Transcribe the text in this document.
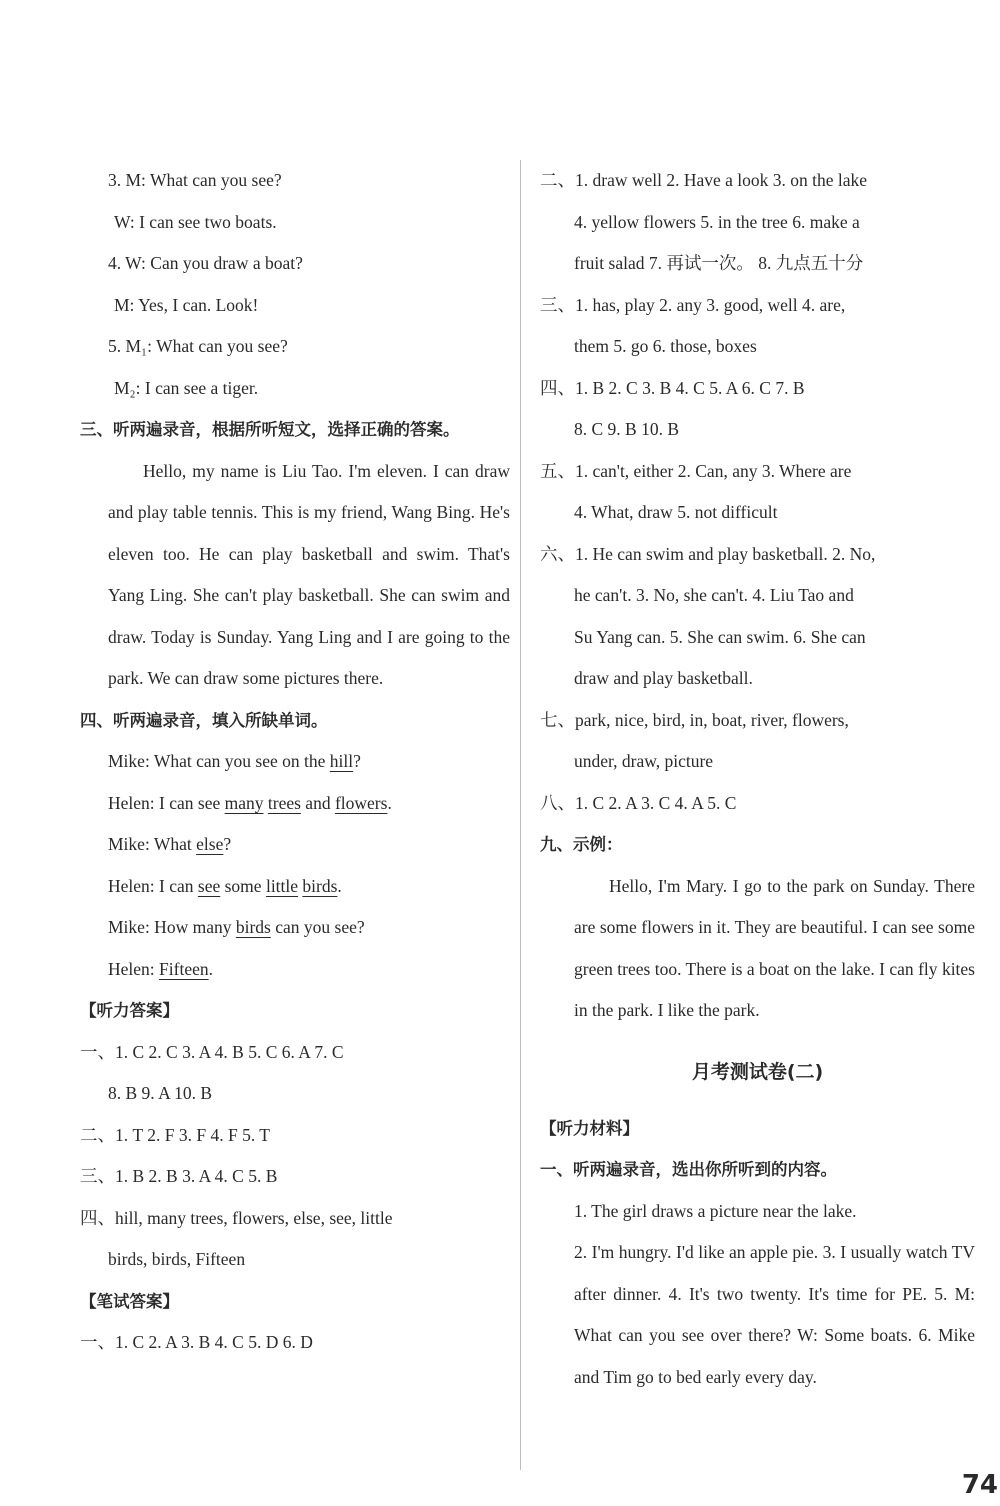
3. M: What can you see?
W: I can see two boats.
4. W: Can you draw a boat?
M: Yes, I can. Look!
5. M₁: What can you see?
M₂: I can see a tiger.
三、听两遍录音，根据所听短文，选择正确的答案。
Hello, my name is Liu Tao. I'm eleven. I can draw and play table tennis. This is my friend, Wang Bing. He's eleven too. He can play basketball and swim. That's Yang Ling. She can't play basketball. She can swim and draw. Today is Sunday. Yang Ling and I are going to the park. We can draw some pictures there.
四、听两遍录音，填入所缺单词。
Mike: What can you see on the hill?
Helen: I can see many trees and flowers.
Mike: What else?
Helen: I can see some little birds.
Mike: How many birds can you see?
Helen: Fifteen.
【听力答案】
一、1. C 2. C 3. A 4. B 5. C 6. A 7. C
8. B 9. A 10. B
二、1. T 2. F 3. F 4. F 5. T
三、1. B 2. B 3. A 4. C 5. B
四、hill, many trees, flowers, else, see, little
birds, birds, Fifteen
【笔试答案】
一、1. C 2. A 3. B 4. C 5. D 6. D
二、1. draw well 2. Have a look 3. on the lake
4. yellow flowers 5. in the tree 6. make a
fruit salad 7. 再试一次。 8. 九点五十分
三、1. has, play 2. any 3. good, well 4. are,
them 5. go 6. those, boxes
四、1. B 2. C 3. B 4. C 5. A 6. C 7. B
8. C 9. B 10. B
五、1. can't, either 2. Can, any 3. Where are
4. What, draw 5. not difficult
六、1. He can swim and play basketball. 2. No,
he can't. 3. No, she can't. 4. Liu Tao and
Su Yang can. 5. She can swim. 6. She can
draw and play basketball.
七、park, nice, bird, in, boat, river, flowers,
under, draw, picture
八、1. C 2. A 3. C 4. A 5. C
九、示例：
Hello, I'm Mary. I go to the park on Sunday. There are some flowers in it. They are beautiful. I can see some green trees too. There is a boat on the lake. I can fly kites in the park. I like the park.
月考测试卷(二)
【听力材料】
一、听两遍录音，选出你所听到的内容。
1. The girl draws a picture near the lake.
2. I'm hungry. I'd like an apple pie. 3. I usually watch TV after dinner. 4. It's two twenty. It's time for PE. 5. M: What can you see over there? W: Some boats. 6. Mike and Tim go to bed early every day.
74
